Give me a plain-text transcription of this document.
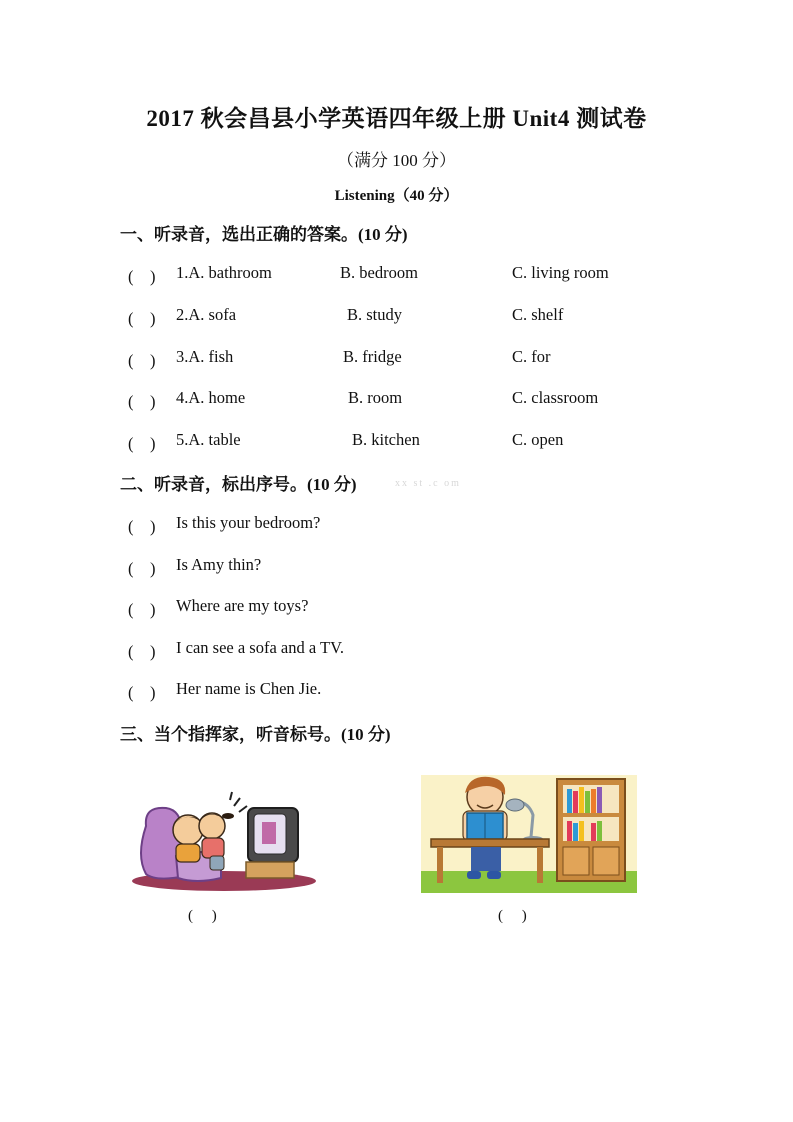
2017 秋会昌县小学英语四年级上册 Unit4 测试卷
（满分 100 分）
Listening（40 分）
一、听录音，选出正确的答案。(10 分)
(　) 1.A. bathroom	B. bedroom	C. living room
(　) 2.A. sofa	B. study	C. shelf
(　) 3.A. fish	B. fridge	C. for
(　) 4.A. home	B. room	C. classroom
(　) 5.A. table	B. kitchen	C. open
二、听录音，标出序号。(10 分)	xx st .c om
(　) Is this your bedroom?
(　) Is Amy thin?
(　) Where are my toys?
(　) I can see a sofa and a TV.
(　) Her name is Chen Jie.
三、当个指挥家，听音标号。(10 分)
(　 )	(　 )
